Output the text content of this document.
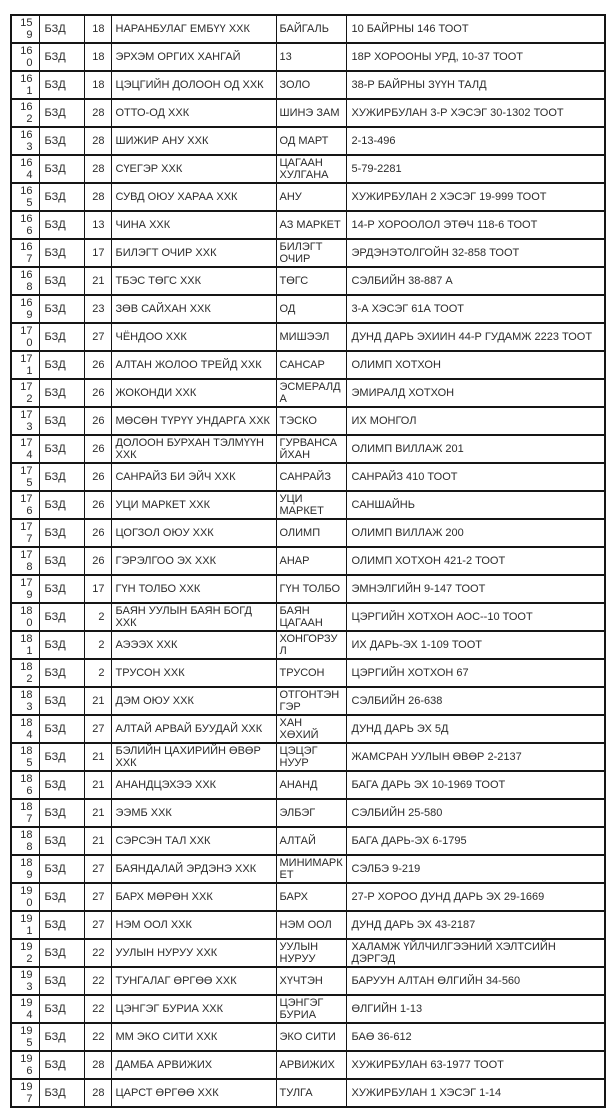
159	БЗД	18	НАРАНБУЛАГ ЕМБҮҮ ХХК	БАЙГАЛЬ	10 БАЙРНЫ 146 ТООТ
160	БЗД	18	ЭРХЭМ ОРГИХ ХАНГАЙ	13	18Р ХОРООНЫ УРД, 10-37 ТООТ
161	БЗД	18	ЦЭЦГИЙН ДОЛООН ОД ХХК	ЗОЛО	38-Р БАЙРНЫ ЗҮҮН ТАЛД
162	БЗД	28	ОТТО-ОД ХХК	ШИНЭ ЗАМ	ХУЖИРБУЛАН 3-Р ХЭСЭГ 30-1302 ТООТ
163	БЗД	28	ШИЖИР АНУ ХХК	ОД МАРТ	2-13-496
164	БЗД	28	СҮЕГЭР ХХК	ЦАГААН ХУЛГАНА	5-79-2281
165	БЗД	28	СУВД ОЮУ ХАРАА ХХК	АНУ	ХУЖИРБУЛАН 2 ХЭСЭГ 19-999 ТООТ
166	БЗД	13	ЧИНА ХХК	АЗ МАРКЕТ	14-Р ХОРООЛОЛ ЭТӨЧ 118-6 ТООТ
167	БЗД	17	БИЛЭГТ ОЧИР ХХК	БИЛЭГТ ОЧИР	ЭРДЭНЭТОЛГОЙН 32-858 ТООТ
168	БЗД	21	ТБЭС ТӨГС ХХК	ТӨГС	СЭЛБИЙН 38-887 А
169	БЗД	23	ЗӨВ САЙХАН ХХК	ОД	3-А ХЭСЭГ 61А ТООТ
170	БЗД	27	ЧЁНДОО ХХК	МИШЭЭЛ	ДУНД ДАРЬ ЭХИИН 44-Р ГУДАМЖ 2223 ТООТ
171	БЗД	26	АЛТАН ЖОЛОО ТРЕЙД ХХК	САНСАР	ОЛИМП ХОТХОН
172	БЗД	26	ЖОКОНДИ ХХК	ЭСМЕРАЛДА	ЭМИРАЛД ХОТХОН
173	БЗД	26	МӨСӨН ТҮРҮҮ УНДАРГА ХХК	ТЭСКО	ИХ МОНГОЛ
174	БЗД	26	ДОЛООН БУРХАН ТЭЛМҮҮН ХХК	ГУРВАНСАЙХАН	ОЛИМП ВИЛЛАЖ 201
175	БЗД	26	САНРАЙЗ БИ ЭЙЧ ХХК	САНРАЙЗ	САНРАЙЗ 410 ТООТ
176	БЗД	26	УЦИ МАРКЕТ ХХК	УЦИ МАРКЕТ	САНШАЙНЬ
177	БЗД	26	ЦОГЗОЛ ОЮУ ХХК	ОЛИМП	ОЛИМП ВИЛЛАЖ 200
178	БЗД	26	ГЭРЭЛГОО ЭХ ХХК	АНАР	ОЛИМП ХОТХОН 421-2 ТООТ
179	БЗД	17	ГҮН ТОЛБО ХХК	ГҮН ТОЛБО	ЭМНЭЛГИЙН 9-147 ТООТ
180	БЗД	2	БАЯН УУЛЫН БАЯН БОГД ХХК	БАЯН ЦАГААН	ЦЭРГИЙН ХОТХОН АОС--10 ТООТ
181	БЗД	2	АЭЭЭХ ХХК	ХОНГОРЗУЛ	ИХ ДАРЬ-ЭХ 1-109 ТООТ
182	БЗД	2	ТРУСОН ХХК	ТРУСОН	ЦЭРГИЙН ХОТХОН 67
183	БЗД	21	ДЭМ ОЮУ ХХК	ОТГОНТЭНГЭР	СЭЛБИЙН 26-638
184	БЗД	27	АЛТАЙ АРВАЙ БУУДАЙ ХХК	ХАН ХӨХИЙ	ДУНД ДАРЬ ЭХ 5Д
185	БЗД	21	БЭЛИЙН ЦАХИРИЙН ӨВӨР ХХК	ЦЭЦЭГ НУУР	ЖАМСРАН УУЛЫН ӨВӨР 2-2137
186	БЗД	21	АНАНДЦЭХЭЭ ХХК	АНАНД	БАГА ДАРЬ ЭХ 10-1969 ТООТ
187	БЗД	21	ЭЭМБ ХХК	ЭЛБЭГ	СЭЛБИЙН 25-580
188	БЗД	21	СЭРСЭН ТАЛ ХХК	АЛТАЙ	БАГА ДАРЬ-ЭХ 6-1795
189	БЗД	27	БАЯНДАЛАЙ ЭРДЭНЭ ХХК	МИНИМАРКЕТ	СЭЛБЭ 9-219
190	БЗД	27	БАРХ МӨРӨН ХХК	БАРХ	27-Р ХОРОО ДУНД ДАРЬ ЭХ 29-1669
191	БЗД	27	НЭМ ООЛ ХХК	НЭМ ООЛ	ДУНД ДАРЬ ЭХ 43-2187
192	БЗД	22	УУЛЫН НУРУУ ХХК	УУЛЫН НУРУУ	ХАЛАМЖ ҮЙЛЧИЛГЭЭНИЙ ХЭЛТСИЙН ДЭРГЭД
193	БЗД	22	ТУНГАЛАГ ӨРГӨӨ ХХК	ХҮЧТЭН	БАРУУН АЛТАН ӨЛГИЙН 34-560
194	БЗД	22	ЦЭНГЭГ БУРИА ХХК	ЦЭНГЭГ БУРИА	ӨЛГИЙН 1-13
195	БЗД	22	ММ ЭКО СИТИ ХХК	ЭКО СИТИ	БАӨ 36-612
196	БЗД	28	ДАМБА АРВИЖИХ	АРВИЖИХ	ХУЖИРБУЛАН 63-1977 ТООТ
197	БЗД	28	ЦАРСТ ӨРГӨӨ ХХК	ТУЛГА	ХУЖИРБУЛАН 1 ХЭСЭГ 1-14
